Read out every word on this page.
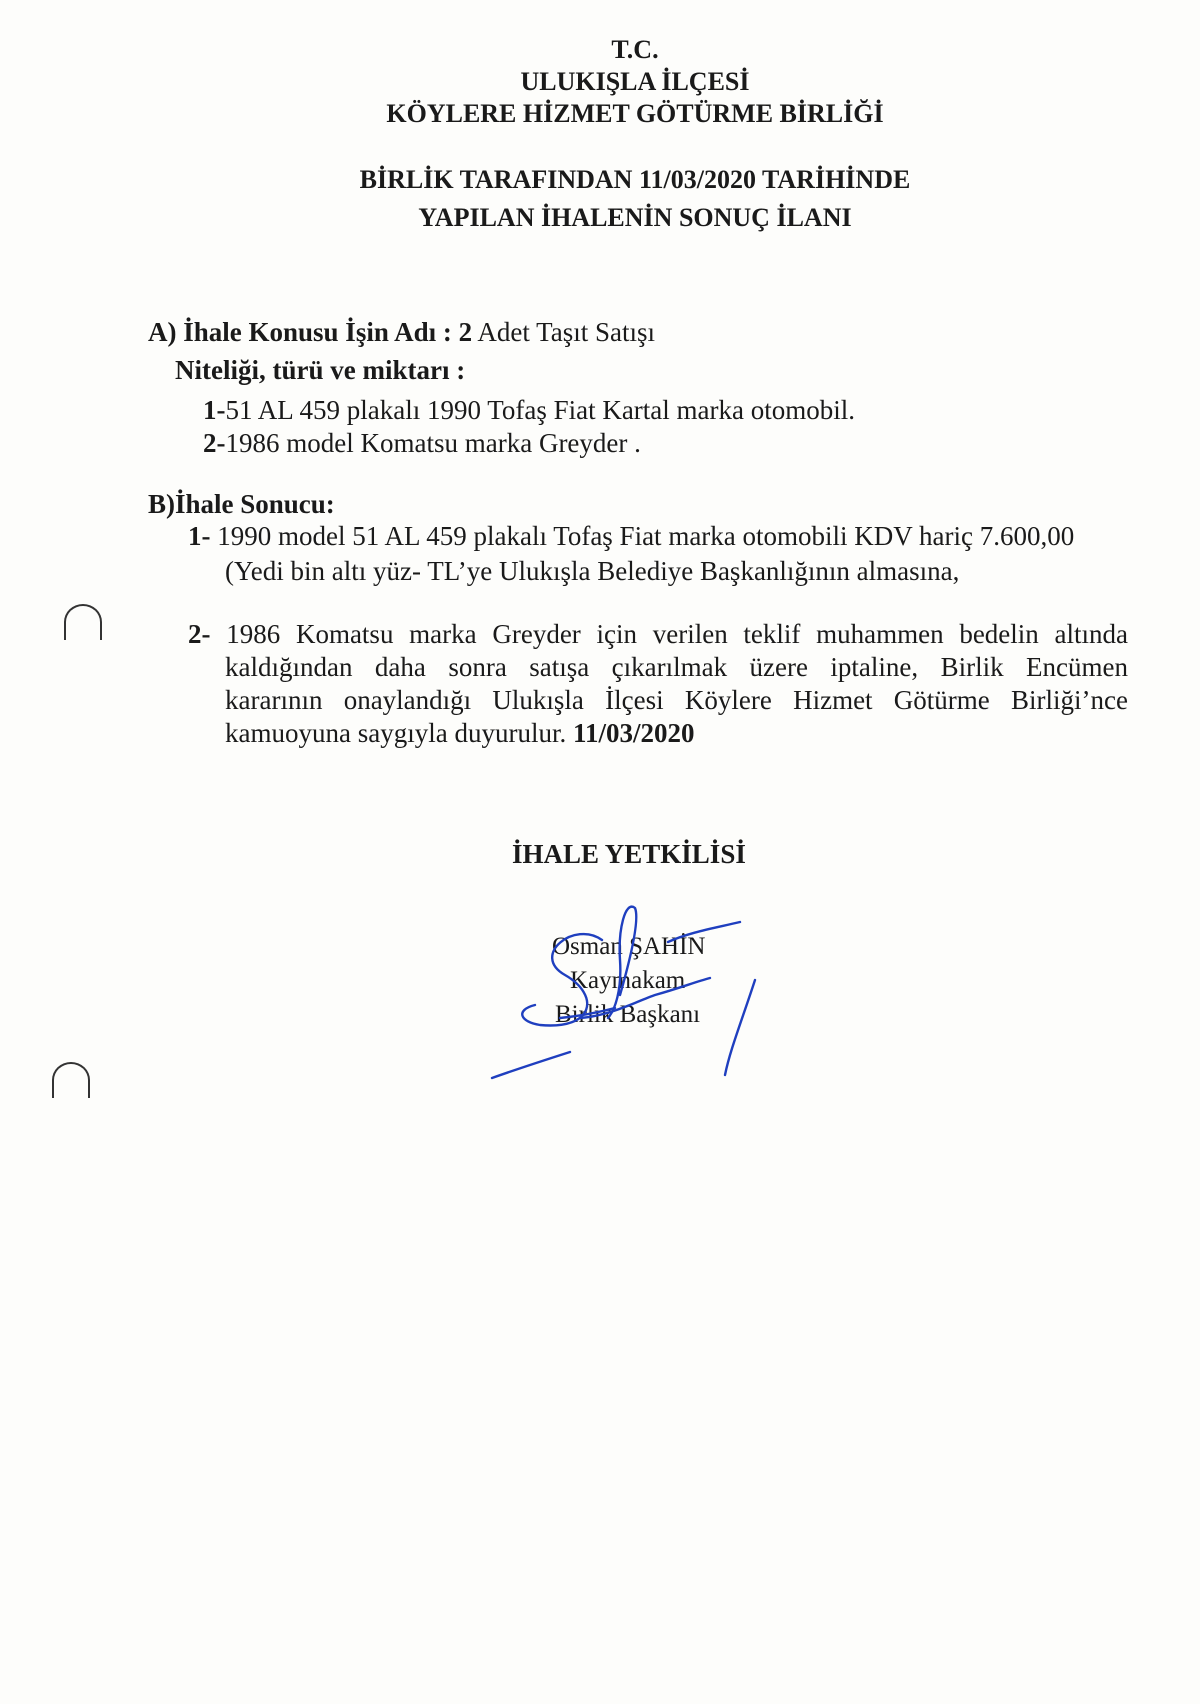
T.C.
ULUKIŞLA İLÇESİ
KÖYLERE HİZMET GÖTÜRME BİRLİĞİ
BİRLİK TARAFINDAN 11/03/2020 TARİHİNDE
YAPILAN İHALENİN SONUÇ İLANI
A) İhale Konusu İşin Adı : 2 Adet Taşıt Satışı
Niteliği, türü ve miktarı :
1-51 AL 459 plakalı 1990 Tofaş Fiat Kartal marka otomobil.
2-1986 model Komatsu marka Greyder .
B)İhale Sonucu:
1- 1990 model 51 AL 459 plakalı Tofaş Fiat marka otomobili KDV hariç 7.600,00
(Yedi bin altı yüz- TL’ye Ulukışla Belediye Başkanlığının almasına,
2- 1986 Komatsu marka Greyder için verilen teklif muhammen bedelin altında
kaldığından daha sonra satışa çıkarılmak üzere iptaline, Birlik Encümen
kararının onaylandığı Ulukışla İlçesi Köylere Hizmet Götürme Birliği’nce
kamuoyuna saygıyla duyurulur. 11/03/2020
İHALE YETKİLİSİ
Osman ŞAHİN
Kaymakam
Birlik Başkanı
